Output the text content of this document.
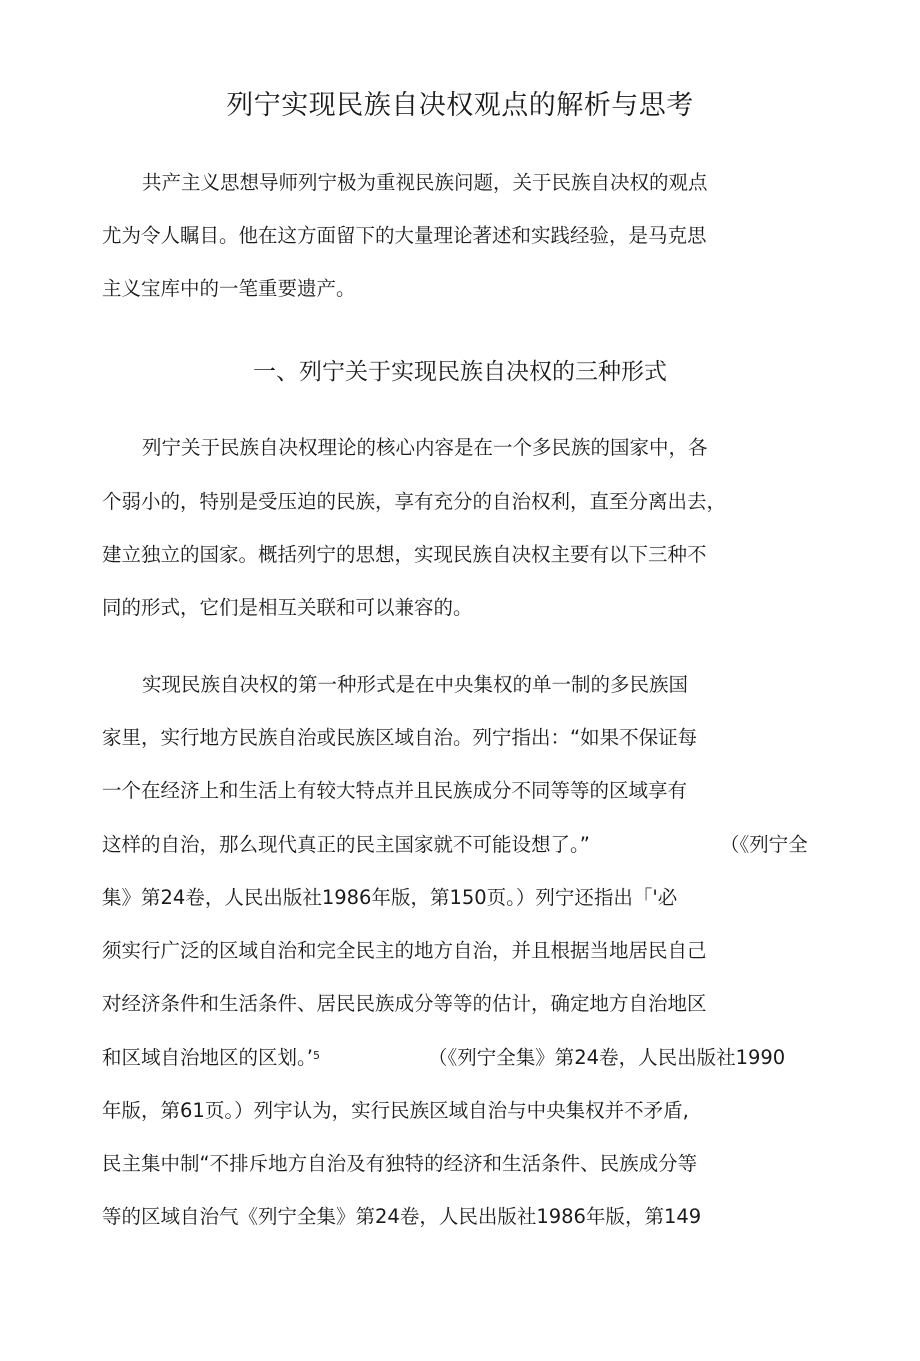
列宁实现民族自决权观点的解析与思考

共产主义思想导师列宁极为重视民族问题，关于民族自决权的观点

尤为令人瞩目。他在这方面留下的大量理论著述和实践经验，是马克思

主义宝库中的一笔重要遗产。

一、列宁关于实现民族自决权的三种形式

列宁关于民族自决权理论的核心内容是在一个多民族的国家中，各

个弱小的，特别是受压迫的民族，享有充分的自治权利，直至分离出去，

建立独立的国家。概括列宁的思想，实现民族自决权主要有以下三种不

同的形式，它们是相互关联和可以兼容的。

实现民族自决权的第一种形式是在中央集权的单一制的多民族国

家里，实行地方民族自治或民族区域自治。列宁指出：“如果不保证每

一个在经济上和生活上有较大特点并且民族成分不同等等的区域享有

这样的自治，那么现代真正的民主国家就不可能设想了。”	（《列宁全

集》第24卷，人民出版社1986年版，第150页。）列宁还指出「'必

须实行广泛的区域自治和完全民主的地方自治，并且根据当地居民自己

对经济条件和生活条件、居民民族成分等等的估计，确定地方自治地区

和区域自治地区的区划。’$^5$	（《列宁全集》第24卷，人民出版社1990

年版，第61页。）列宇认为，实行民族区域自治与中央集权并不矛盾,

民主集中制“不排斥地方自治及有独特的经济和生活条件、民族成分等

等的区域自治气《列宁全集》第24卷，人民出版社1986年版，第149
